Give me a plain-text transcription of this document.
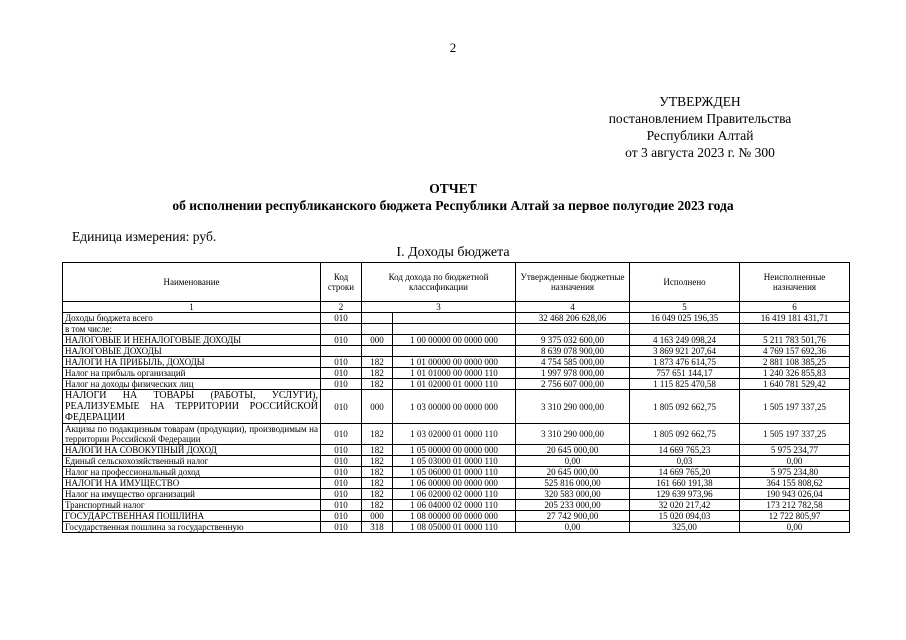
2
УТВЕРЖДЕН
постановлением Правительства
Республики Алтай
от 3 августа 2023 г. № 300
ОТЧЕТ
об исполнении республиканского бюджета Республики Алтай за первое полугодие 2023 года
Единица измерения: руб.
I. Доходы бюджета
Наименование	Код строки	Код дохода по бюджетной классификации		Утвержденные бюджетные назначения	Исполнено	Неисполненные назначения
1	2	3		4	5	6
Доходы бюджета всего	010			32 468 206 628,06	16 049 025 196,35	16 419 181 431,71
в том числе:						
НАЛОГОВЫЕ И НЕНАЛОГОВЫЕ ДОХОДЫ	010	000	1 00 00000 00 0000 000	9 375 032 600,00	4 163 249 098,24	5 211 783 501,76
НАЛОГОВЫЕ ДОХОДЫ				8 639 078 900,00	3 869 921 207,64	4 769 157 692,36
НАЛОГИ НА ПРИБЫЛЬ, ДОХОДЫ	010	182	1 01 00000 00 0000 000	4 754 585 000,00	1 873 476 614,75	2 881 108 385,25
Налог на прибыль организаций	010	182	1 01 01000 00 0000 110	1 997 978 000,00	757 651 144,17	1 240 326 855,83
Налог на доходы физических лиц	010	182	1 01 02000 01 0000 110	2 756 607 000,00	1 115 825 470,58	1 640 781 529,42
НАЛОГИ НА ТОВАРЫ (РАБОТЫ, УСЛУГИ), РЕАЛИЗУЕМЫЕ НА ТЕРРИТОРИИ РОССИЙСКОЙ ФЕДЕРАЦИИ	010	000	1 03 00000 00 0000 000	3 310 290 000,00	1 805 092 662,75	1 505 197 337,25
Акцизы по подакцизным товарам (продукции), производимым на территории Российской Федерации	010	182	1 03 02000 01 0000 110	3 310 290 000,00	1 805 092 662,75	1 505 197 337,25
НАЛОГИ НА СОВОКУПНЫЙ ДОХОД	010	182	1 05 00000 00 0000 000	20 645 000,00	14 669 765,23	5 975 234,77
Единый сельскохозяйственный налог	010	182	1 05 03000 01 0000 110	0,00	0,03	0,00
Налог на профессиональный доход	010	182	1 05 06000 01 0000 110	20 645 000,00	14 669 765,20	5 975 234,80
НАЛОГИ НА ИМУЩЕСТВО	010	182	1 06 00000 00 0000 000	525 816 000,00	161 660 191,38	364 155 808,62
Налог на имущество организаций	010	182	1 06 02000 02 0000 110	320 583 000,00	129 639 973,96	190 943 026,04
Транспортный налог	010	182	1 06 04000 02 0000 110	205 233 000,00	32 020 217,42	173 212 782,58
ГОСУДАРСТВЕННАЯ ПОШЛИНА	010	000	1 08 00000 00 0000 000	27 742 900,00	15 020 094,03	12 722 805,97
Государственная пошлина за государственную	010	318	1 08 05000 01 0000 110	0,00	325,00	0,00
